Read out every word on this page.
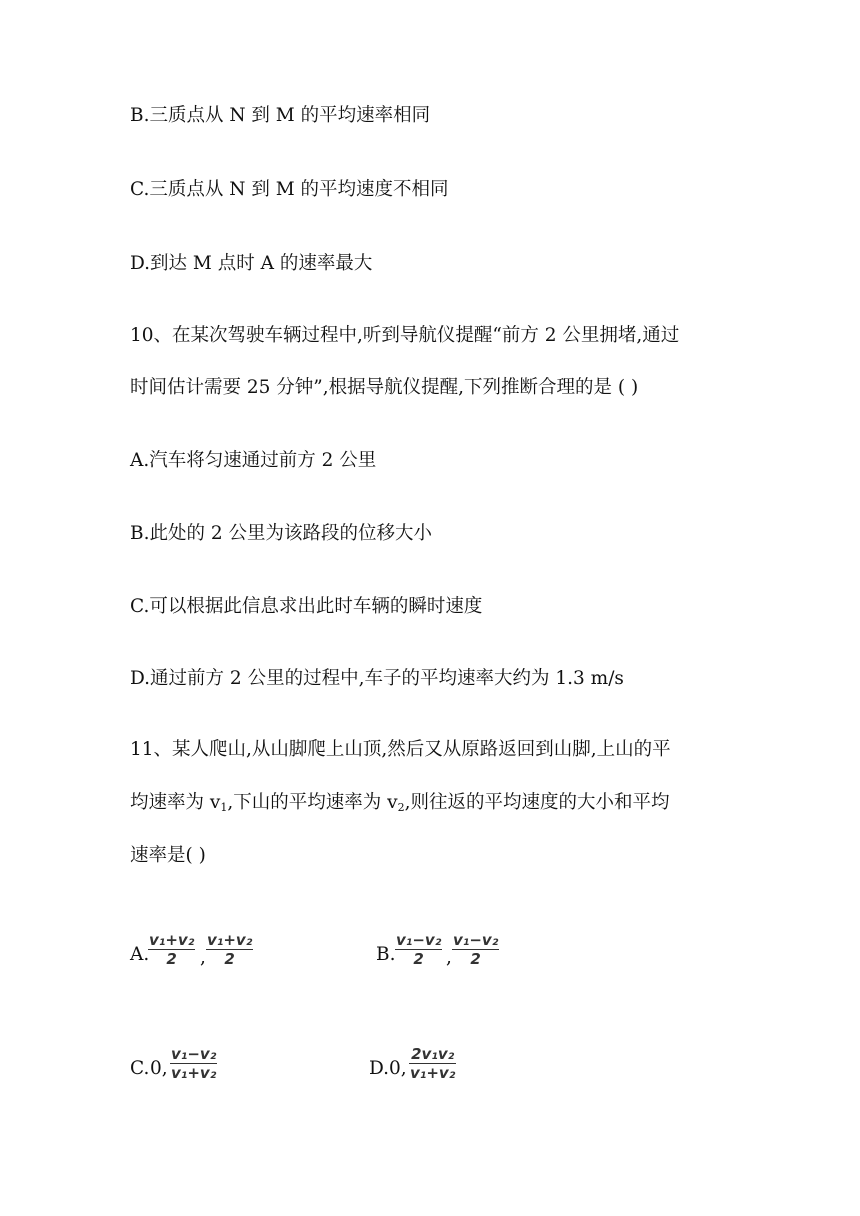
B.三质点从 N 到 M 的平均速率相同

C.三质点从 N 到 M 的平均速度不相同

D.到达 M 点时 A 的速率最大

10、在某次驾驶车辆过程中,听到导航仪提醒“前方 2 公里拥堵,通过

时间估计需要 25 分钟”,根据导航仪提醒,下列推断合理的是 ( )

A.汽车将匀速通过前方 2 公里

B.此处的 2 公里为该路段的位移大小

C.可以根据此信息求出此时车辆的瞬时速度

D.通过前方 2 公里的过程中,车子的平均速率大约为 1.3 m/s

11、某人爬山,从山脚爬上山顶,然后又从原路返回到山脚,上山的平

均速率为 $v_1$,下山的平均速率为 $v_2$,则往返的平均速度的大小和平均

速率是( )

A.
$\frac{\text{v₁+v₂}}{2}$ , $\frac{\text{v₁+v₂}}{2}$	B. $\frac{\text{v₁−v₂}}{2}$ , $\frac{\text{v₁−v₂}}{2}$
C. 0, $\frac{\text{v₁−v₂}}{\text{v₁+v₂}}$	D. 0, $\frac{\text{2v₁v₂}}{\text{v₁+v₂}}$
